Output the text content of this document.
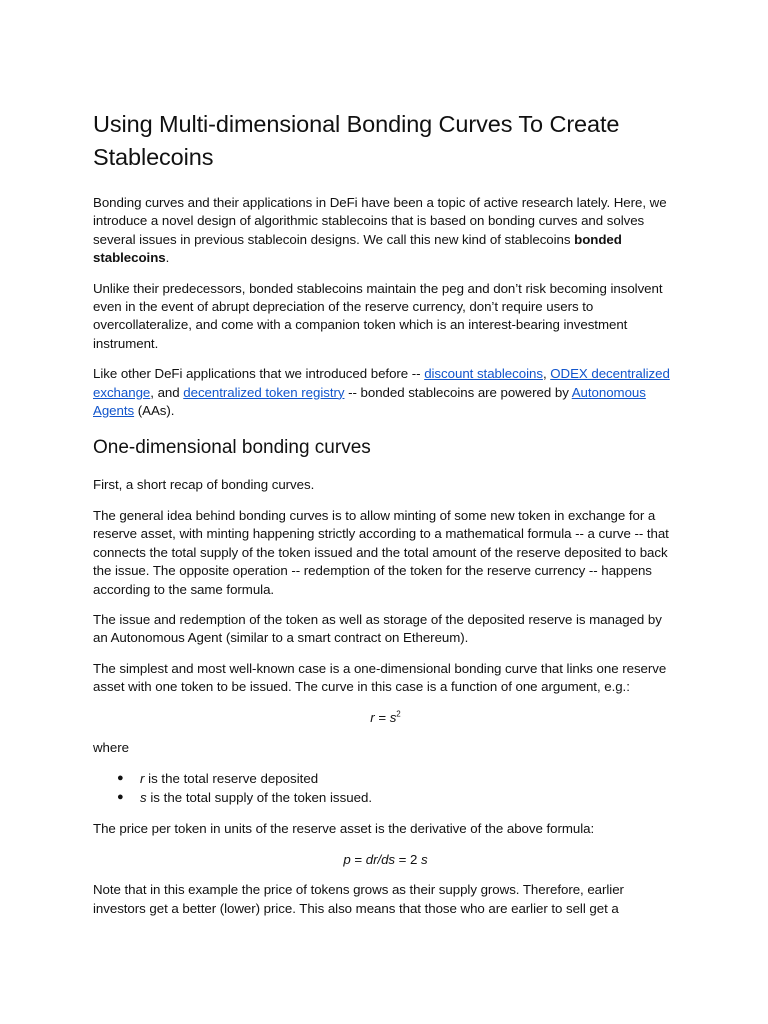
Using Multi-dimensional Bonding Curves To Create Stablecoins

Bonding curves and their applications in DeFi have been a topic of active research lately. Here, we introduce a novel design of algorithmic stablecoins that is based on bonding curves and solves several issues in previous stablecoin designs. We call this new kind of stablecoins bonded stablecoins.

Unlike their predecessors, bonded stablecoins maintain the peg and don’t risk becoming insolvent even in the event of abrupt depreciation of the reserve currency, don’t require users to overcollateralize, and come with a companion token which is an interest-bearing investment instrument.

Like other DeFi applications that we introduced before -- discount stablecoins, ODEX decentralized exchange, and decentralized token registry -- bonded stablecoins are powered by Autonomous Agents (AAs).

One-dimensional bonding curves

First, a short recap of bonding curves.

The general idea behind bonding curves is to allow minting of some new token in exchange for a reserve asset, with minting happening strictly according to a mathematical formula -- a curve -- that connects the total supply of the token issued and the total amount of the reserve deposited to back the issue. The opposite operation -- redemption of the token for the reserve currency -- happens according to the same formula.

The issue and redemption of the token as well as storage of the deposited reserve is managed by an Autonomous Agent (similar to a smart contract on Ethereum).

The simplest and most well-known case is a one-dimensional bonding curve that links one reserve asset with one token to be issued. The curve in this case is a function of one argument, e.g.:

$r = s^2$

where

● r is the total reserve deposited
● s is the total supply of the token issued.

The price per token in units of the reserve asset is the derivative of the above formula:

p = dr/ds = 2 s

Note that in this example the price of tokens grows as their supply grows. Therefore, earlier investors get a better (lower) price. This also means that those who are earlier to sell get a
